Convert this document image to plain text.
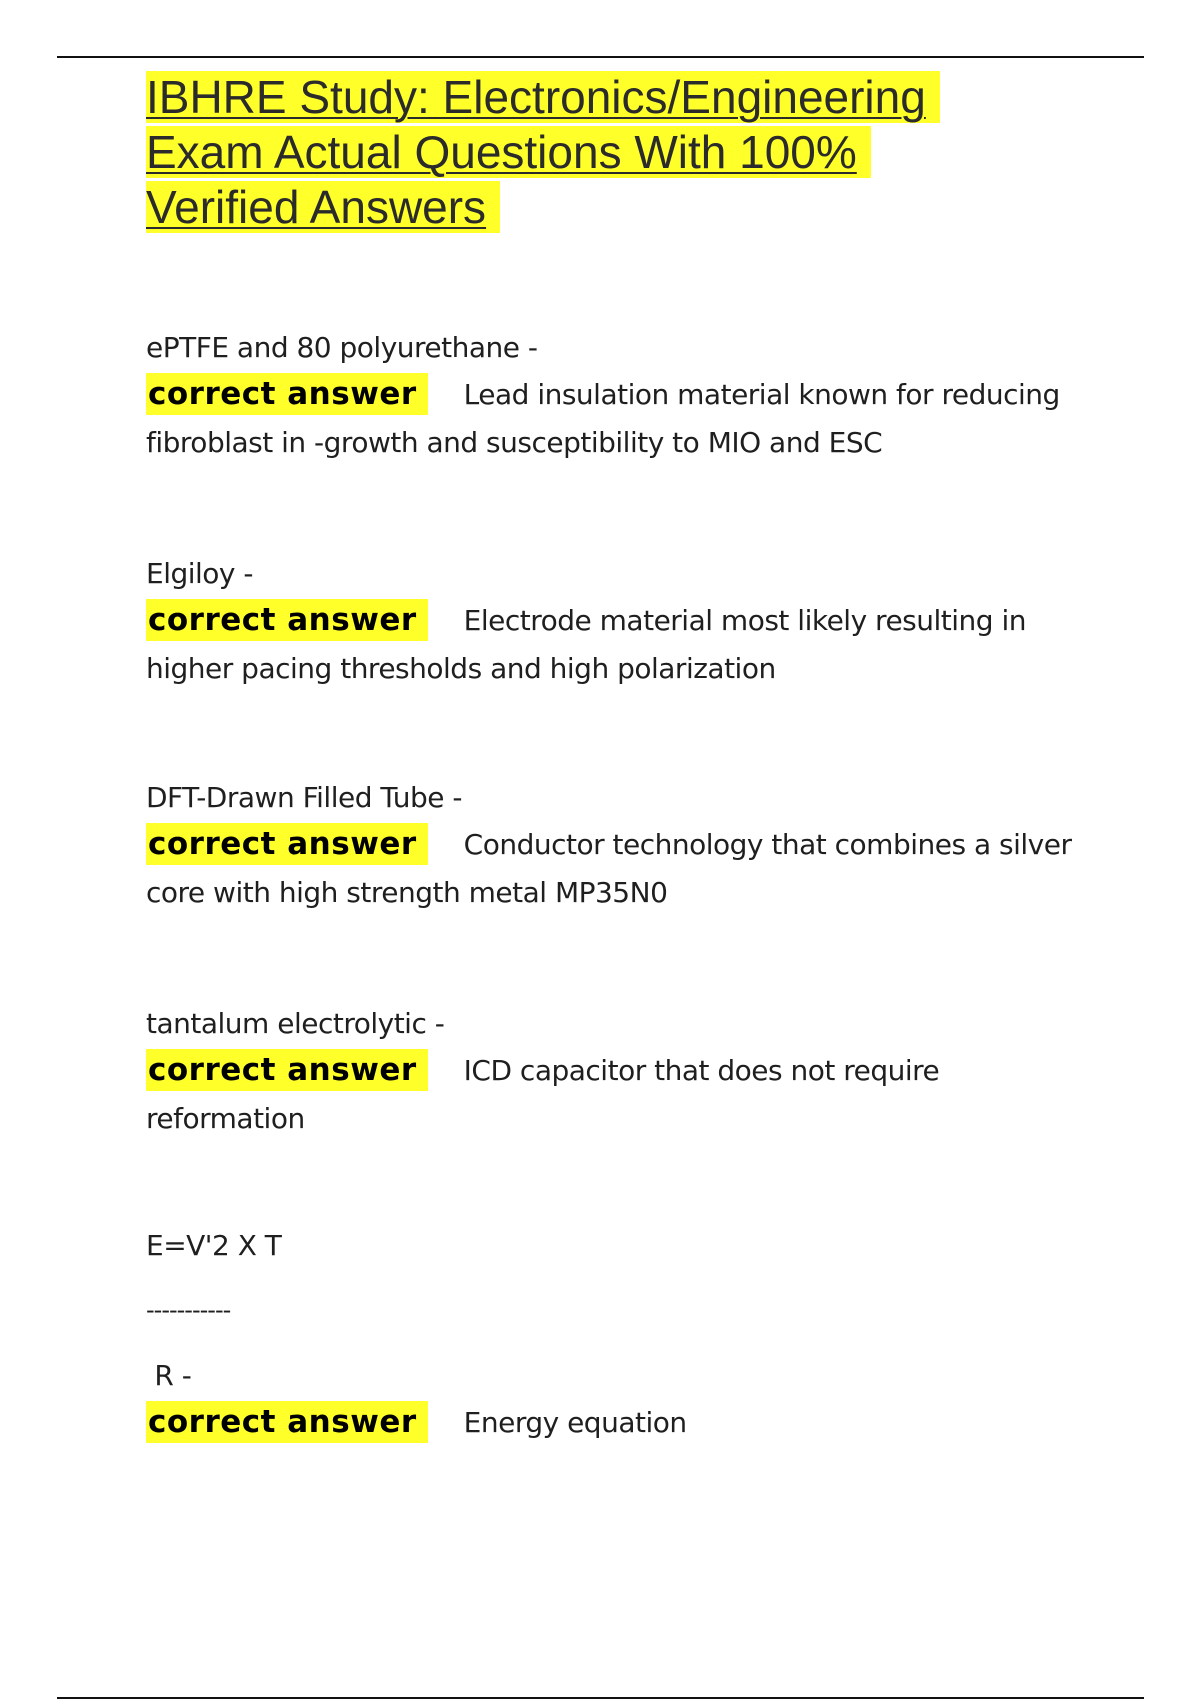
IBHRE Study: Electronics/Engineering
Exam Actual Questions With 100%
Verified Answers
ePTFE and 80 polyurethane -
correct answer Lead insulation material known for reducing fibroblast in -growth and susceptibility to MIO and ESC
Elgiloy -
correct answer Electrode material most likely resulting in higher pacing thresholds and high polarization
DFT-Drawn Filled Tube -
correct answer Conductor technology that combines a silver core with high strength metal MP35N0
tantalum electrolytic -
correct answer ICD capacitor that does not require reformation
E=V'2 X T
-----------
R -
correct answer Energy equation
